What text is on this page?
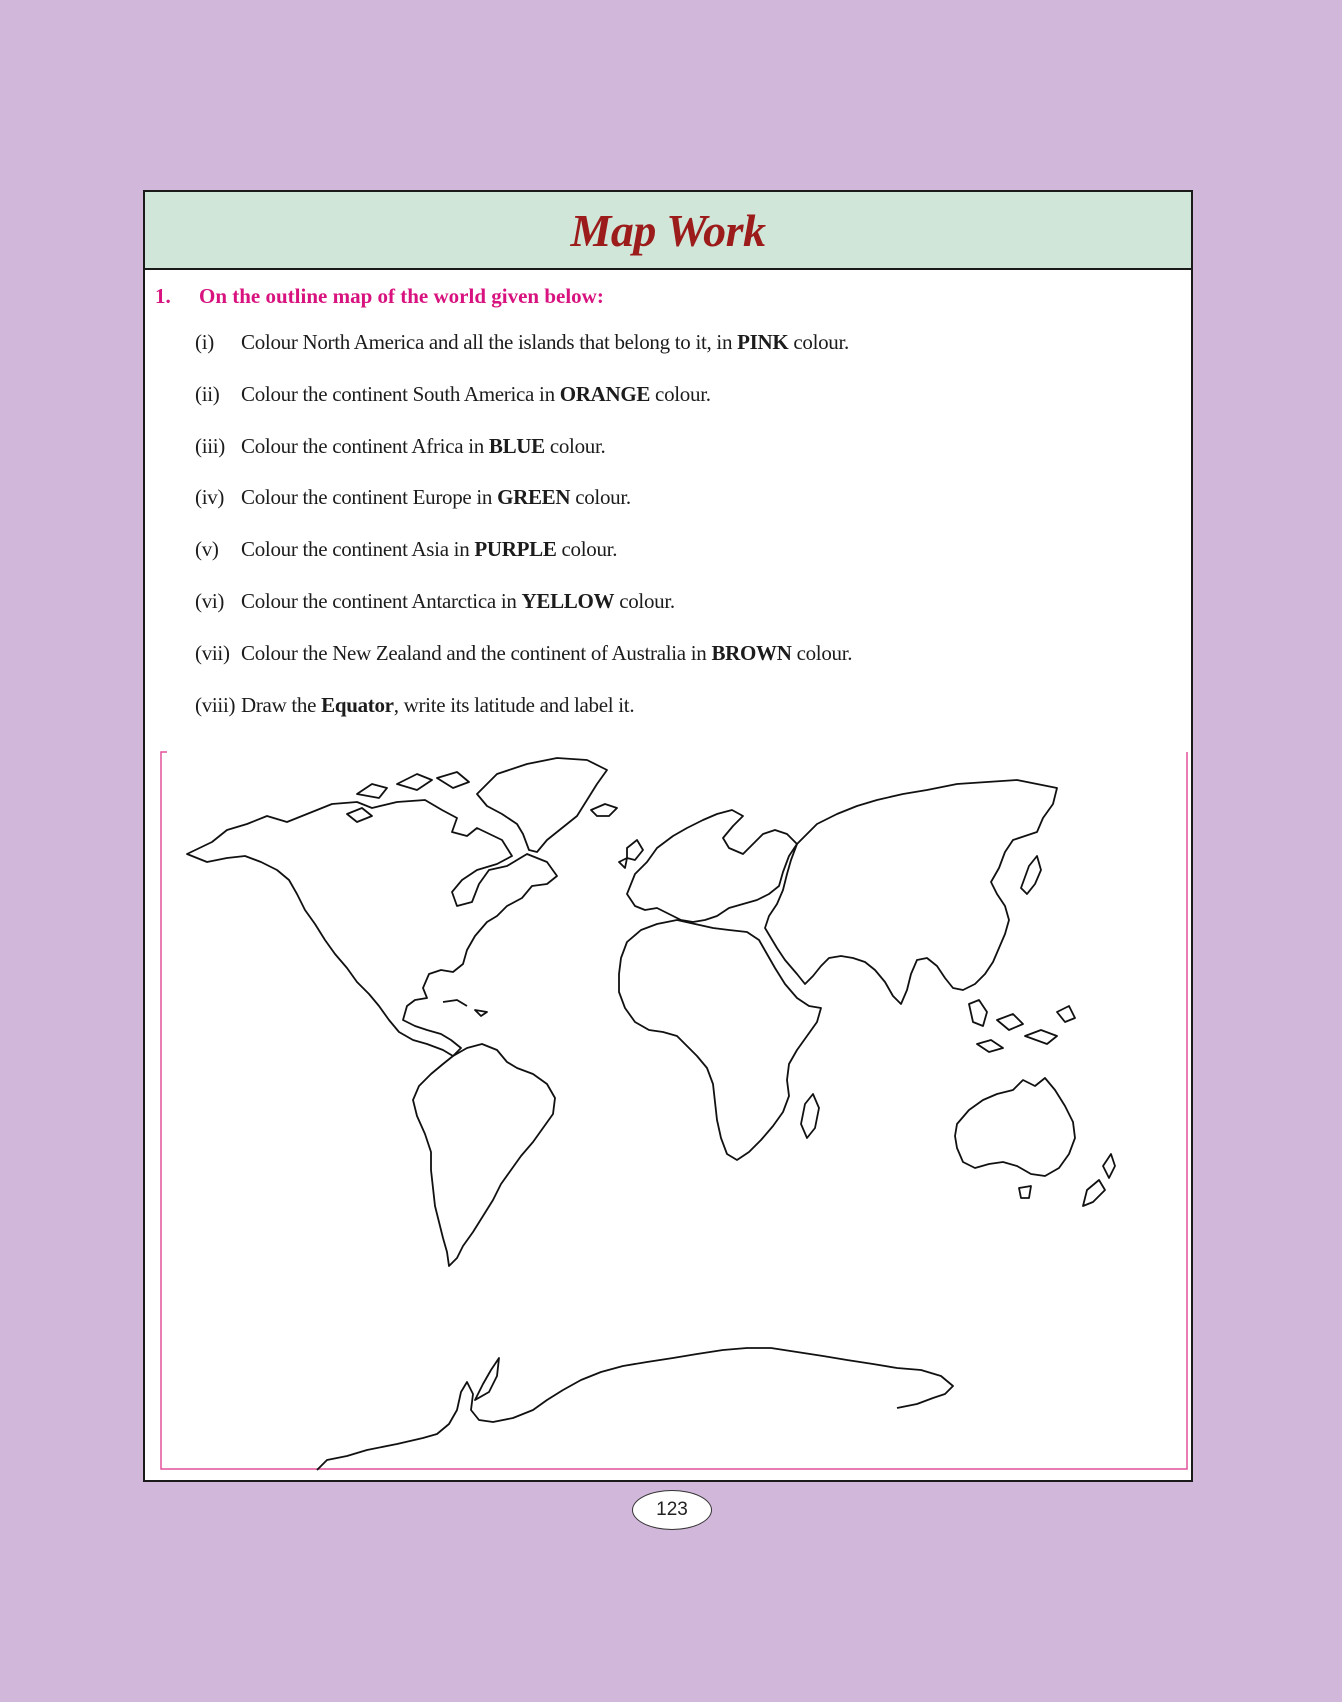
Map Work
1.	On the outline map of the world given below:
(i)	Colour North America and all the islands that belong to it, in PINK colour.
(ii)	Colour the continent South America in ORANGE colour.
(iii) Colour the continent Africa in BLUE colour.
(iv) Colour the continent Europe in GREEN colour.
(v)	Colour the continent Asia in PURPLE colour.
(vi) Colour the continent Antarctica in YELLOW colour.
(vii) Colour the New Zealand and the continent of Australia in BROWN colour.
(viii) Draw the Equator , write its latitude and label it.
123
